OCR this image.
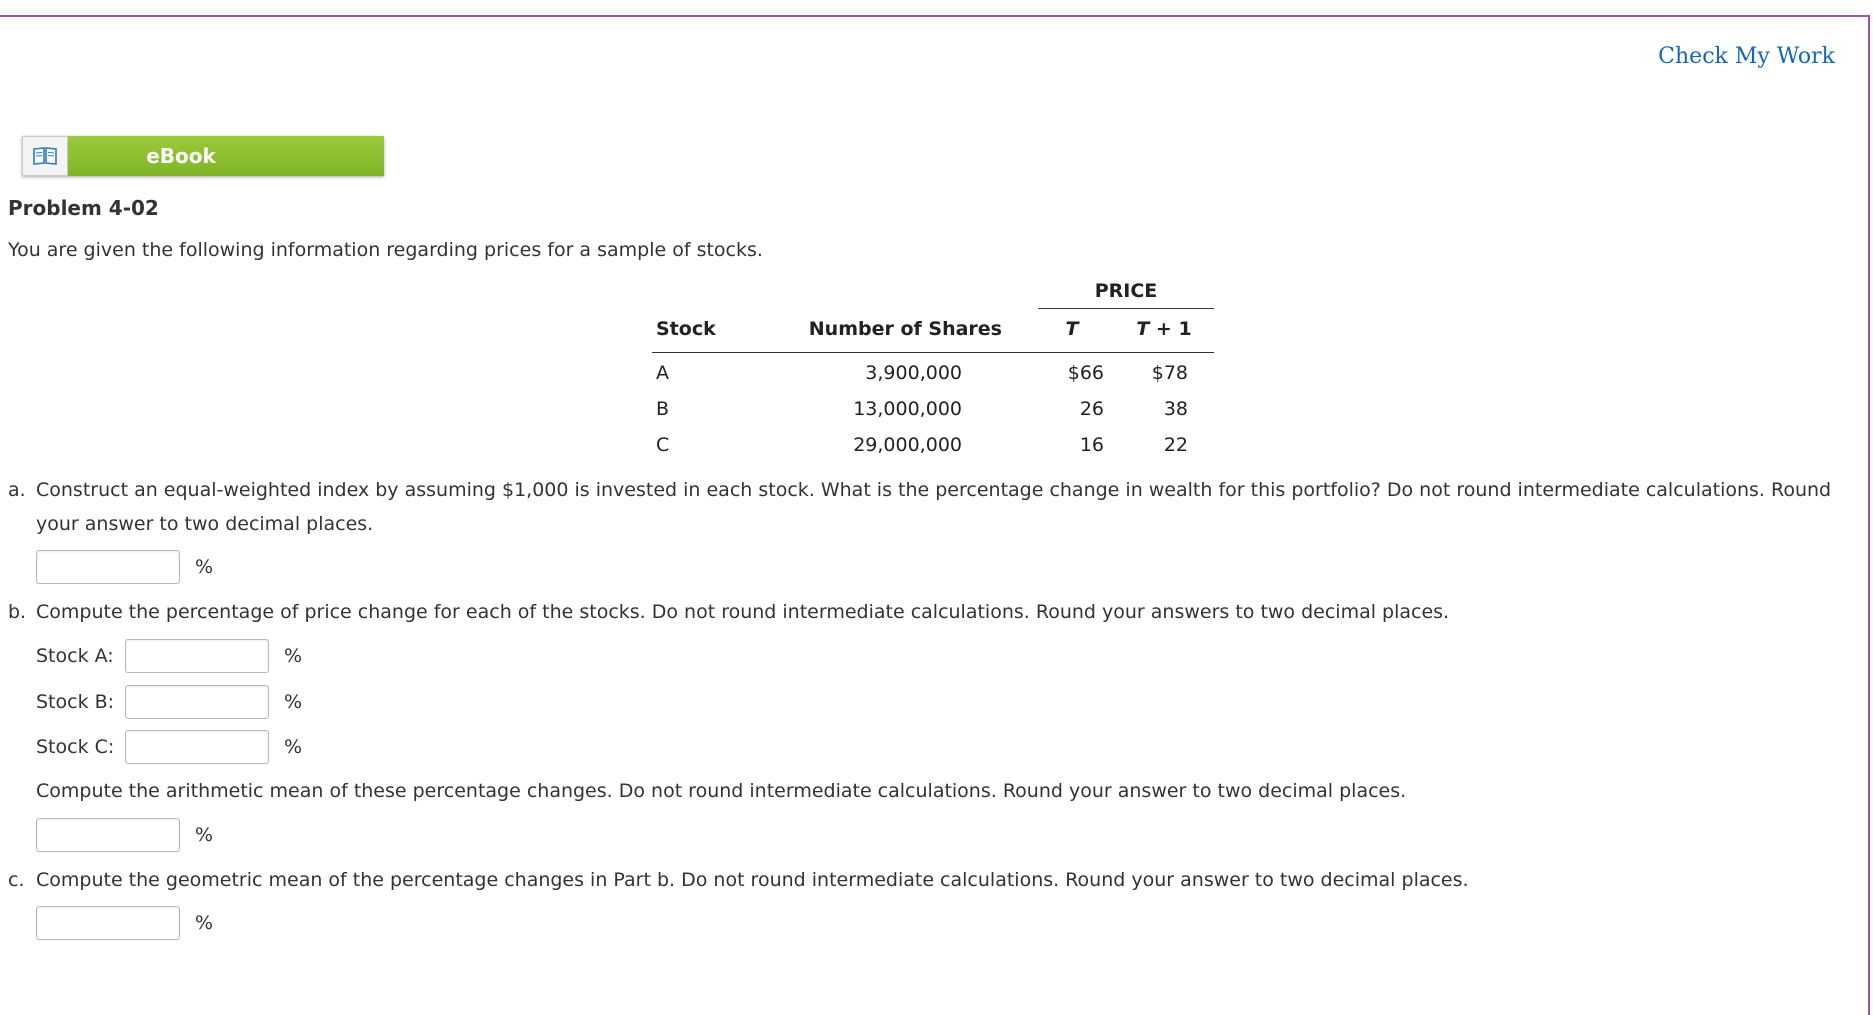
Check My Work
eBook
Problem 4-02
You are given the following information regarding prices for a sample of stocks.
PRICE
Stock	Number of Shares	T	T + 1
A	3,900,000	$66	$78
B	13,000,000	26	38
C	29,000,000	16	22
a. Construct an equal-weighted index by assuming $1,000 is invested in each stock. What is the percentage change in wealth for this portfolio? Do not round intermediate calculations. Round
your answer to two decimal places.
%
b. Compute the percentage of price change for each of the stocks. Do not round intermediate calculations. Round your answers to two decimal places.
Stock A:	%
Stock B:	%
Stock C:	%
Compute the arithmetic mean of these percentage changes. Do not round intermediate calculations. Round your answer to two decimal places.
%
c. Compute the geometric mean of the percentage changes in Part b. Do not round intermediate calculations. Round your answer to two decimal places.
%
